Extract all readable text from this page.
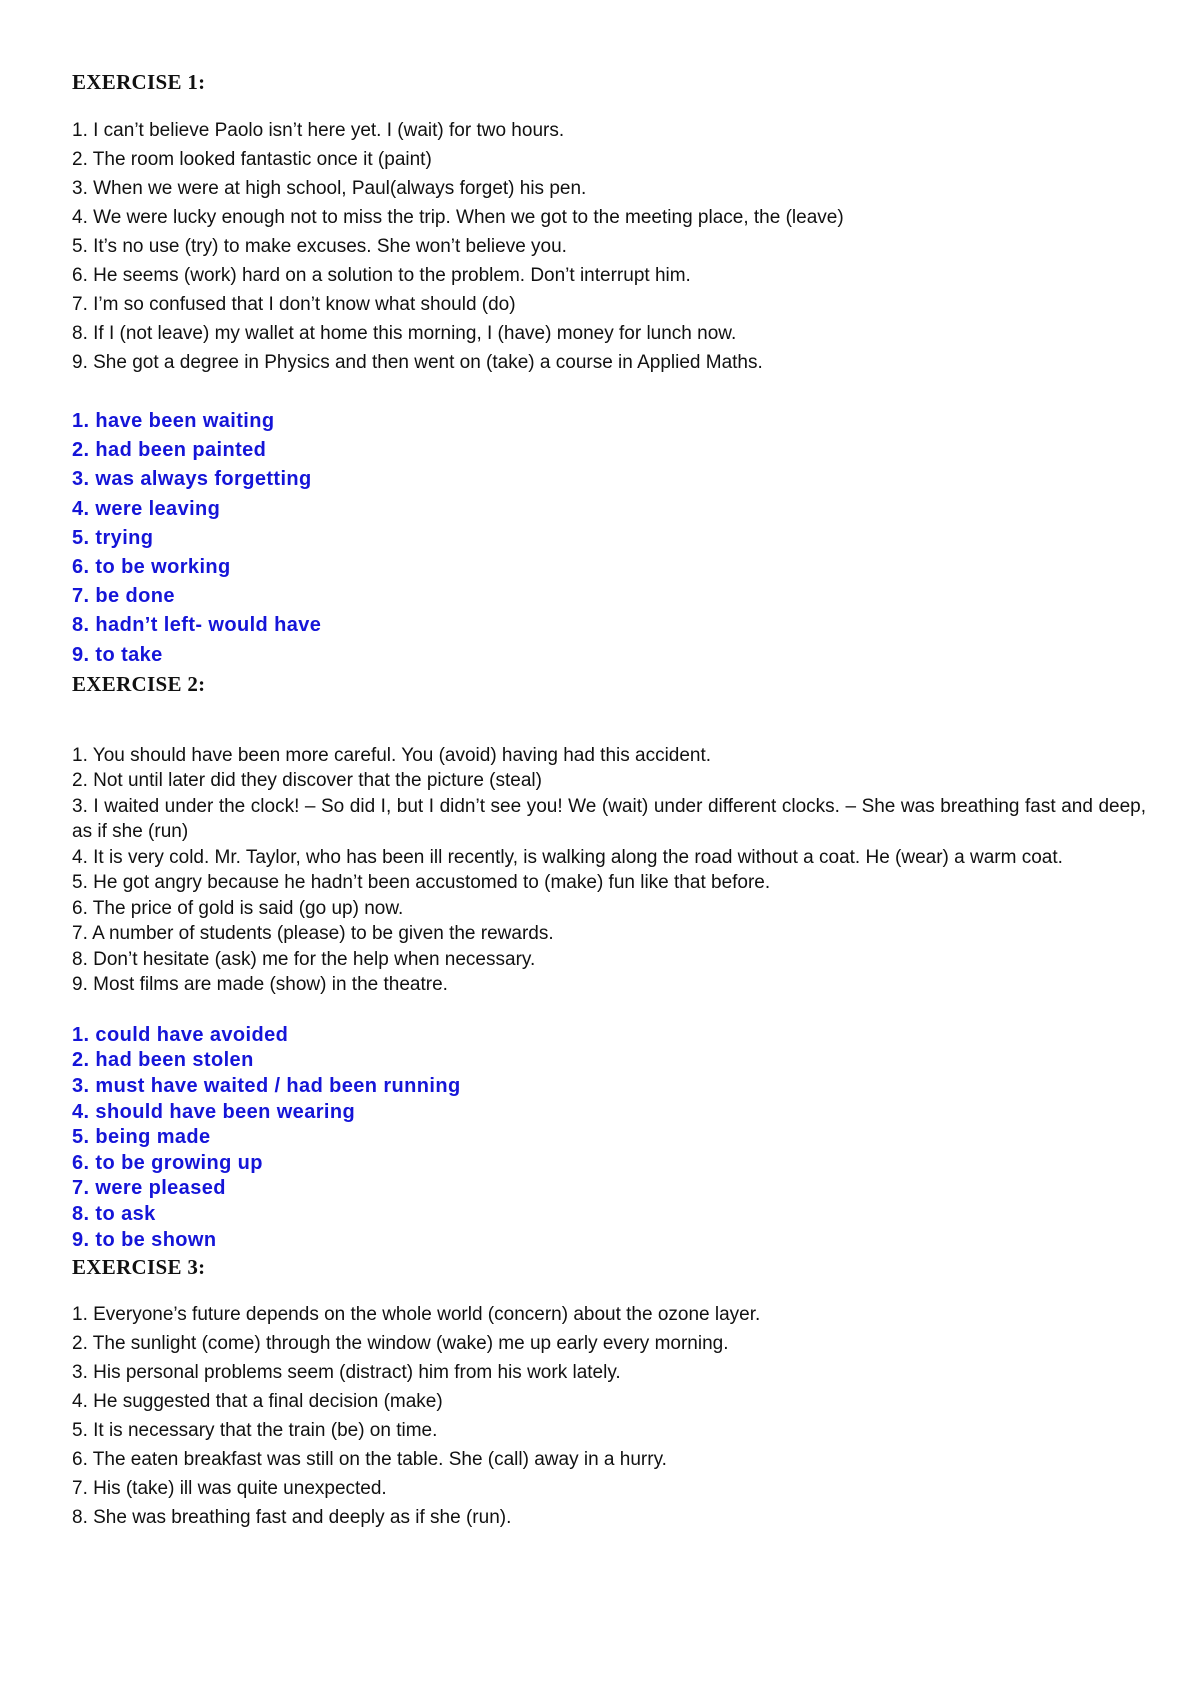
EXERCISE 1:
1. I can’t believe Paolo isn’t here yet. I (wait) for two hours.
2. The room looked fantastic once it (paint)
3. When we were at high school, Paul(always forget) his pen.
4. We were lucky enough not to miss the trip. When we got to the meeting place, the (leave)
5. It’s no use (try) to make excuses. She won’t believe you.
6. He seems (work) hard on a solution to the problem. Don’t interrupt him.
7. I’m so confused that I don’t know what should (do)
8. If I (not leave) my wallet at home this morning, I (have) money for lunch now.
9. She got a degree in Physics and then went on (take) a course in Applied Maths.
1. have been waiting
2. had been painted
3. was always forgetting
4. were leaving
5. trying
6. to be working
7. be done
8. hadn’t left- would have
9. to take
EXERCISE 2:
1. You should have been more careful. You (avoid) having had this accident.
2. Not until later did they discover that the picture (steal)
3. I waited under the clock! – So did I, but I didn’t see you! We (wait) under different clocks. – She was breathing fast and deep, as if she (run)
4. It is very cold. Mr. Taylor, who has been ill recently, is walking along the road without a coat. He (wear) a warm coat.
5. He got angry because he hadn’t been accustomed to (make) fun like that before.
6. The price of gold is said (go up) now.
7. A number of students (please) to be given the rewards.
8. Don’t hesitate (ask) me for the help when necessary.
9. Most films are made (show) in the theatre.
1. could have avoided
2. had been stolen
3. must have waited / had been running
4. should have been wearing
5. being made
6. to be growing up
7. were pleased
8. to ask
9. to be shown
EXERCISE 3:
1. Everyone’s future depends on the whole world (concern) about the ozone layer.
2. The sunlight (come) through the window (wake) me up early every morning.
3. His personal problems seem (distract) him from his work lately.
4. He suggested that a final decision (make)
5. It is necessary that the train (be) on time.
6. The eaten breakfast was still on the table. She (call) away in a hurry.
7. His (take) ill was quite unexpected.
8. She was breathing fast and deeply as if she (run).
